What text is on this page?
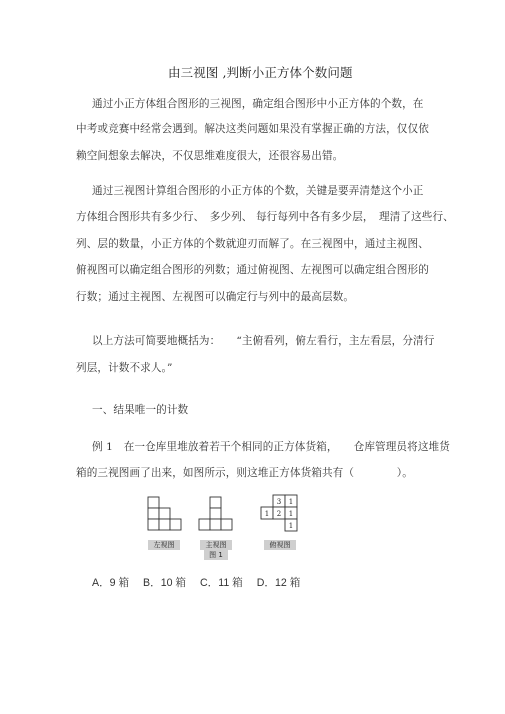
由三视图 ,判断小正方体个数问题
通过小正方体组合图形的三视图，确定组合图形中小正方体的个数，在
中考或竞赛中经常会遇到。解决这类问题如果没有掌握正确的方法，仅仅依
赖空间想象去解决，不仅思维难度很大，还很容易出错。
通过三视图计算组合图形的小正方体的个数，关键是要弄清楚这个小正
方体组合图形共有多少行、　多少列、 每行每列中各有多少层，　理清了这些行、
列、层的数量，小正方体的个数就迎刃而解了。在三视图中，通过主视图、
俯视图可以确定组合图形的列数；通过俯视图、左视图可以确定组合图形的
行数；通过主视图、左视图可以确定行与列中的最高层数。
以上方法可简要地概括为：　　“主俯看列，俯左看行，主左看层，分清行
列层，计数不求人。”
一、结果唯一的计数
例 1　在一仓库里堆放着若干个相同的正方体货箱，　　仓库管理员将这堆货
箱的三视图画了出来，如图所示，则这堆正方体货箱共有（　　　　）。
3 1
1 2 1
1
左视图	主视图
图 1
俯视图
A．9 箱 B．10 箱 C．11 箱 D．12 箱
